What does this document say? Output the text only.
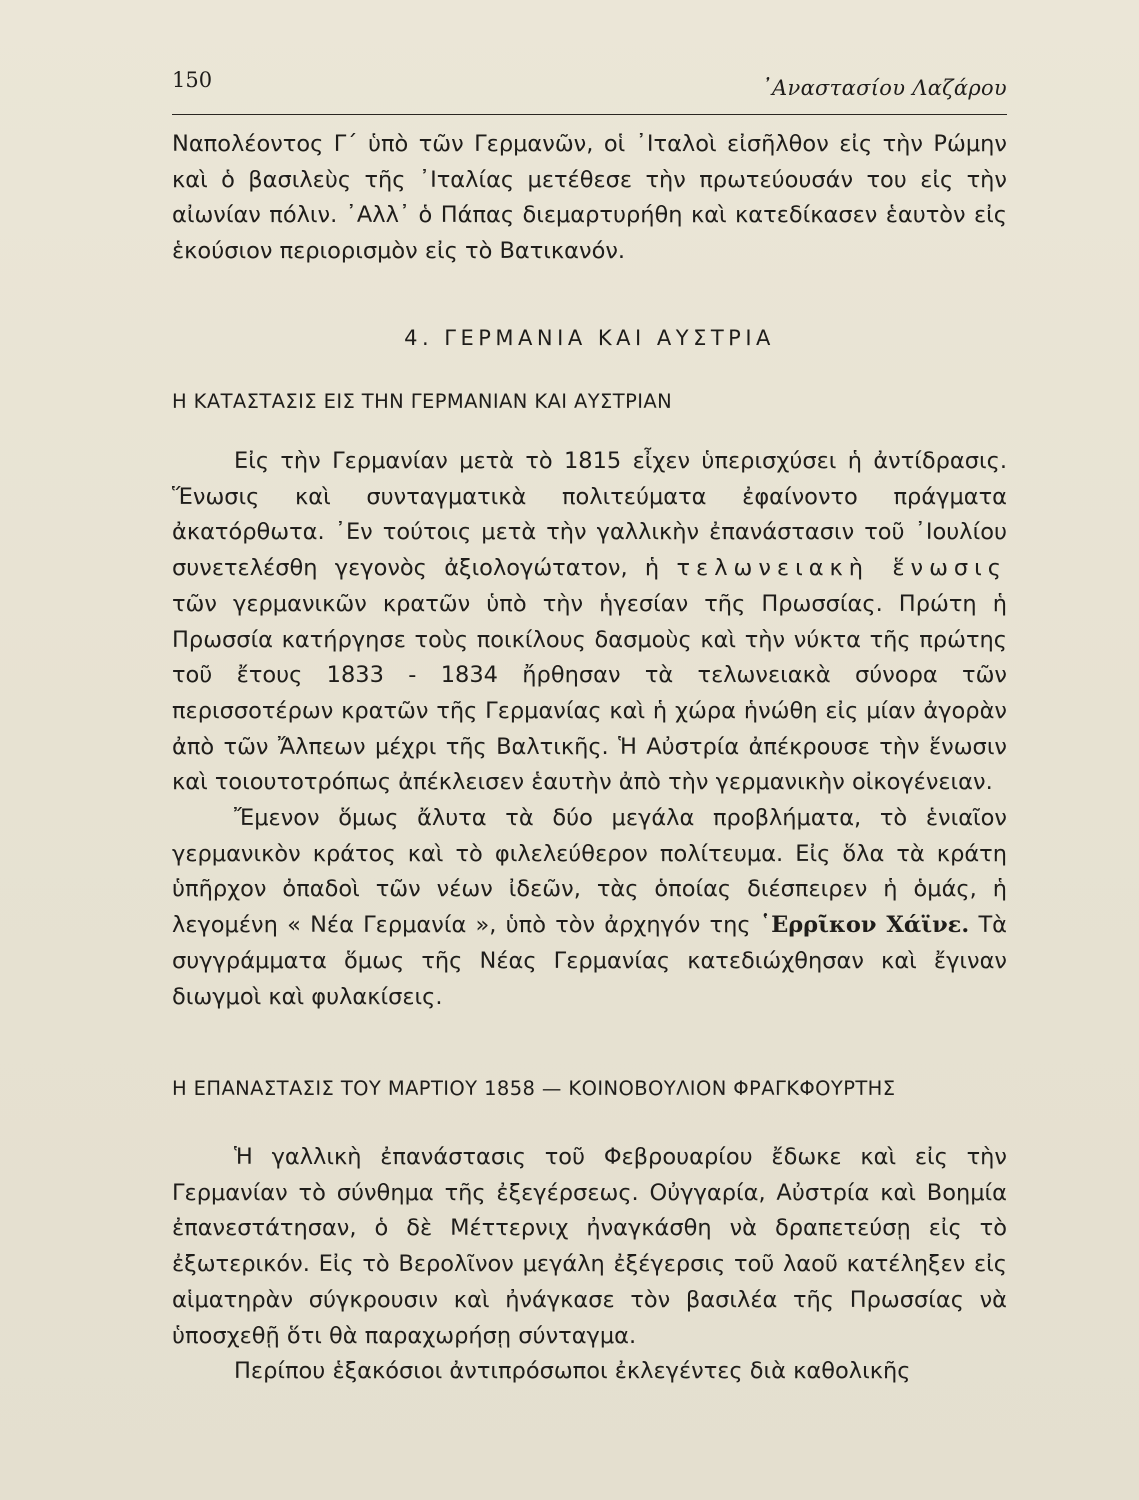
150	᾿Αναστασίου Λαζάρου

Ναπολέοντος Γ΄ ὑπὸ τῶν Γερμανῶν, οἱ ᾿Ιταλοὶ εἰσῆλθον εἰς τὴν Ρώμην καὶ ὁ βασιλεὺς τῆς ᾿Ιταλίας μετέθεσε τὴν πρωτεύουσάν του εἰς τὴν αἰωνίαν πόλιν. ᾿Αλλ᾿ ὁ Πάπας διεμαρτυρήθη καὶ κατεδίκασεν ἑαυτὸν εἰς ἑκούσιον περιορισμὸν εἰς τὸ Βατικανόν.

4. ΓΕΡΜΑΝΙΑ ΚΑΙ ΑΥΣΤΡΙΑ
Η ΚΑΤΑΣΤΑΣΙΣ ΕΙΣ ΤΗΝ ΓΕΡΜΑΝΙΑΝ ΚΑΙ ΑΥΣΤΡΙΑΝ

Εἰς τὴν Γερμανίαν μετὰ τὸ 1815 εἶχεν ὑπερισχύσει ἡ ἀντίδρασις. Ἕνωσις καὶ συνταγματικὰ πολιτεύματα ἐφαίνοντο πράγματα ἀκατόρθωτα. ᾿Εν τούτοις μετὰ τὴν γαλλικὴν ἐπανάστασιν τοῦ ᾿Ιουλίου συνετελέσθη γεγονὸς ἀξιολογώτατον, ἡ τελωνειακὴ ἕνωσις τῶν γερμανικῶν κρατῶν ὑπὸ τὴν ἡγεσίαν τῆς Πρωσσίας. Πρώτη ἡ Πρωσσία κατήργησε τοὺς ποικίλους δασμοὺς καὶ τὴν νύκτα τῆς πρώτης τοῦ ἔτους 1833 - 1834 ἤρθησαν τὰ τελωνειακὰ σύνορα τῶν περισσοτέρων κρατῶν τῆς Γερμανίας καὶ ἡ χώρα ἡνώθη εἰς μίαν ἀγορὰν ἀπὸ τῶν Ἄλπεων μέχρι τῆς Βαλτικῆς. Ἡ Αὐστρία ἀπέκρουσε τὴν ἕνωσιν καὶ τοιουτοτρόπως ἀπέκλεισεν ἑαυτὴν ἀπὸ τὴν γερμανικὴν οἰκογένειαν.

Ἔμενον ὅμως ἄλυτα τὰ δύο μεγάλα προβλήματα, τὸ ἑνιαῖον γερμανικὸν κράτος καὶ τὸ φιλελεύθερον πολίτευμα. Εἰς ὅλα τὰ κράτη ὑπῆρχον ὀπαδοὶ τῶν νέων ἰδεῶν, τὰς ὁποίας διέσπειρεν ἡ ὁμάς, ἡ λεγομένη « Νέα Γερμανία », ὑπὸ τὸν ἀρχηγόν της ῾Ερρῖκον Χάϊνε. Τὰ συγγράμματα ὅμως τῆς Νέας Γερμανίας κατεδιώχθησαν καὶ ἔγιναν διωγμοὶ καὶ φυλακίσεις.

Η ΕΠΑΝΑΣΤΑΣΙΣ ΤΟΥ ΜΑΡΤΙΟΥ 1858 — ΚΟΙΝΟΒΟΥΛΙΟΝ ΦΡΑΓΚΦΟΥΡΤΗΣ

Ἡ γαλλικὴ ἐπανάστασις τοῦ Φεβρουαρίου ἔδωκε καὶ εἰς τὴν Γερμανίαν τὸ σύνθημα τῆς ἐξεγέρσεως. Οὐγγαρία, Αὐστρία καὶ Βοημία ἐπανεστάτησαν, ὁ δὲ Μέττερνιχ ἠναγκάσθη νὰ δραπετεύσῃ εἰς τὸ ἐξωτερικόν. Εἰς τὸ Βερολῖνον μεγάλη ἐξέγερσις τοῦ λαοῦ κατέληξεν εἰς αἱματηρὰν σύγκρουσιν καὶ ἠνάγκασε τὸν βασιλέα τῆς Πρωσσίας νὰ ὑποσχεθῇ ὅτι θὰ παραχωρήσῃ σύνταγμα.

Περίπου ἑξακόσιοι ἀντιπρόσωποι ἐκλεγέντες διὰ καθολικῆς
